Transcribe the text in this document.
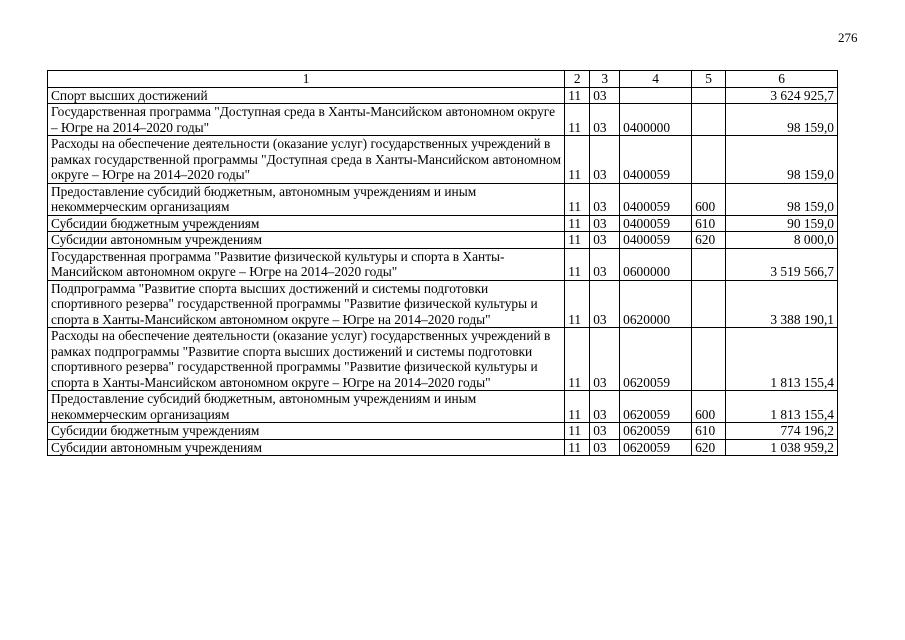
276
1	2	3	4	5	6
Спорт высших достижений	11	03			3 624 925,7
Государственная программа "Доступная среда в Ханты-Мансийском автономном округе – Югре на 2014–2020 годы"	11	03	0400000		98 159,0
Расходы на обеспечение деятельности (оказание услуг) государственных учреждений в рамках государственной программы "Доступная среда в Ханты-Мансийском автономном округе – Югре на 2014–2020 годы"	11	03	0400059		98 159,0
Предоставление субсидий бюджетным, автономным учреждениям и иным некоммерческим организациям	11	03	0400059	600	98 159,0
Субсидии бюджетным учреждениям	11	03	0400059	610	90 159,0
Субсидии автономным учреждениям	11	03	0400059	620	8 000,0
Государственная программа "Развитие физической культуры и спорта в Ханты-Мансийском автономном округе – Югре на 2014–2020 годы"	11	03	0600000		3 519 566,7
Подпрограмма "Развитие спорта высших достижений и системы подготовки спортивного резерва" государственной программы "Развитие физической культуры и спорта в Ханты-Мансийском автономном округе – Югре на 2014–2020 годы"	11	03	0620000		3 388 190,1
Расходы на обеспечение деятельности (оказание услуг) государственных учреждений в рамках подпрограммы "Развитие спорта высших достижений и системы подготовки спортивного резерва" государственной программы "Развитие физической культуры и спорта в Ханты-Мансийском автономном округе – Югре на 2014–2020 годы"	11	03	0620059		1 813 155,4
Предоставление субсидий бюджетным, автономным учреждениям и иным некоммерческим организациям	11	03	0620059	600	1 813 155,4
Субсидии бюджетным учреждениям	11	03	0620059	610	774 196,2
Субсидии автономным учреждениям	11	03	0620059	620	1 038 959,2
